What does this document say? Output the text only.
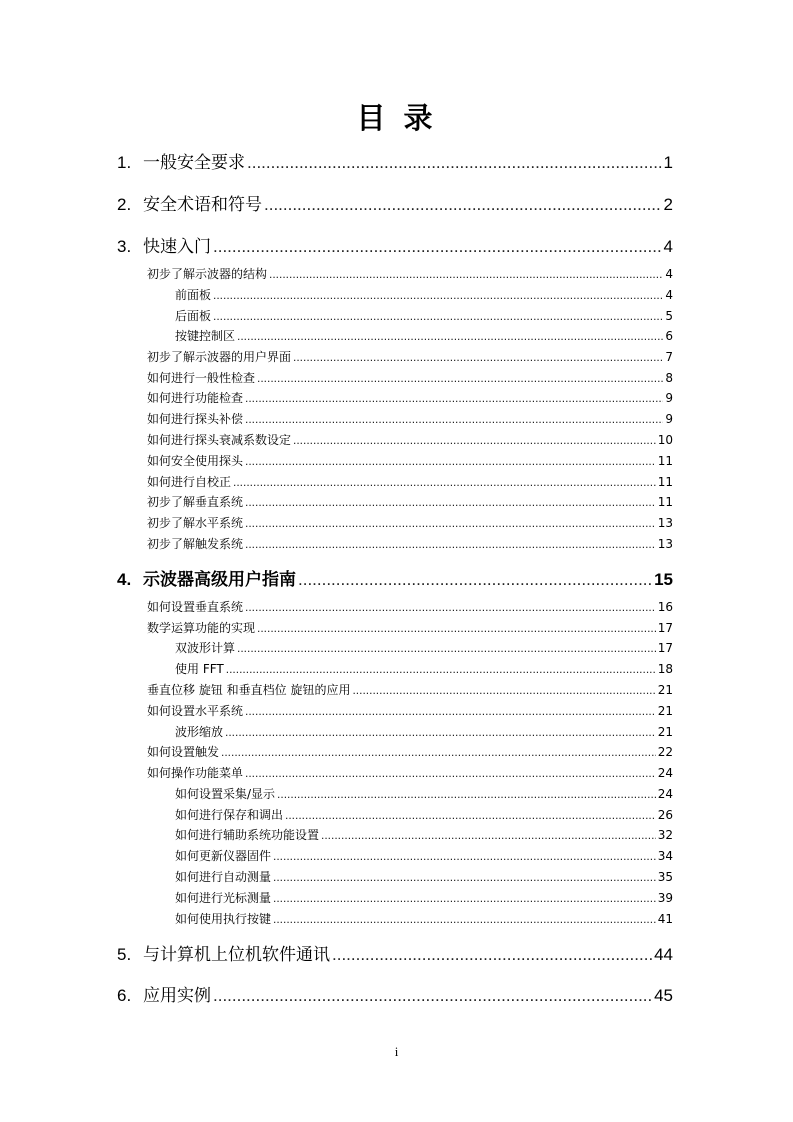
目 录
1. 一般安全要求 .....	1
2. 安全术语和符号 .....	2
3. 快速入门 .....	4
初步了解示波器的结构 .....	4
前面板 .....	4
后面板 .....	5
按键控制区 .....	6
初步了解示波器的用户界面 .....	7
如何进行一般性检查 .....	8
如何进行功能检查 .....	9
如何进行探头补偿 .....	9
如何进行探头衰减系数设定 .....	10
如何安全使用探头 .....	11
如何进行自校正 .....	11
初步了解垂直系统 .....	11
初步了解水平系统 .....	13
初步了解触发系统 .....	13
4. 示波器高级用户指南 .....	15
如何设置垂直系统 .....	16
数学运算功能的实现 .....	17
双波形计算 .....	17
使用 FFT .....	18
垂直位移 旋钮 和垂直档位 旋钮的应用 .....	21
如何设置水平系统 .....	21
波形缩放 .....	21
如何设置触发 .....	22
如何操作功能菜单 .....	24
如何设置采集/显示 .....	24
如何进行保存和调出 .....	26
如何进行辅助系统功能设置 .....	32
如何更新仪器固件 .....	34
如何进行自动测量 .....	35
如何进行光标测量 .....	39
如何使用执行按键 .....	41
5. 与计算机上位机软件通讯 .....	44
6. 应用实例 .....	45
i
